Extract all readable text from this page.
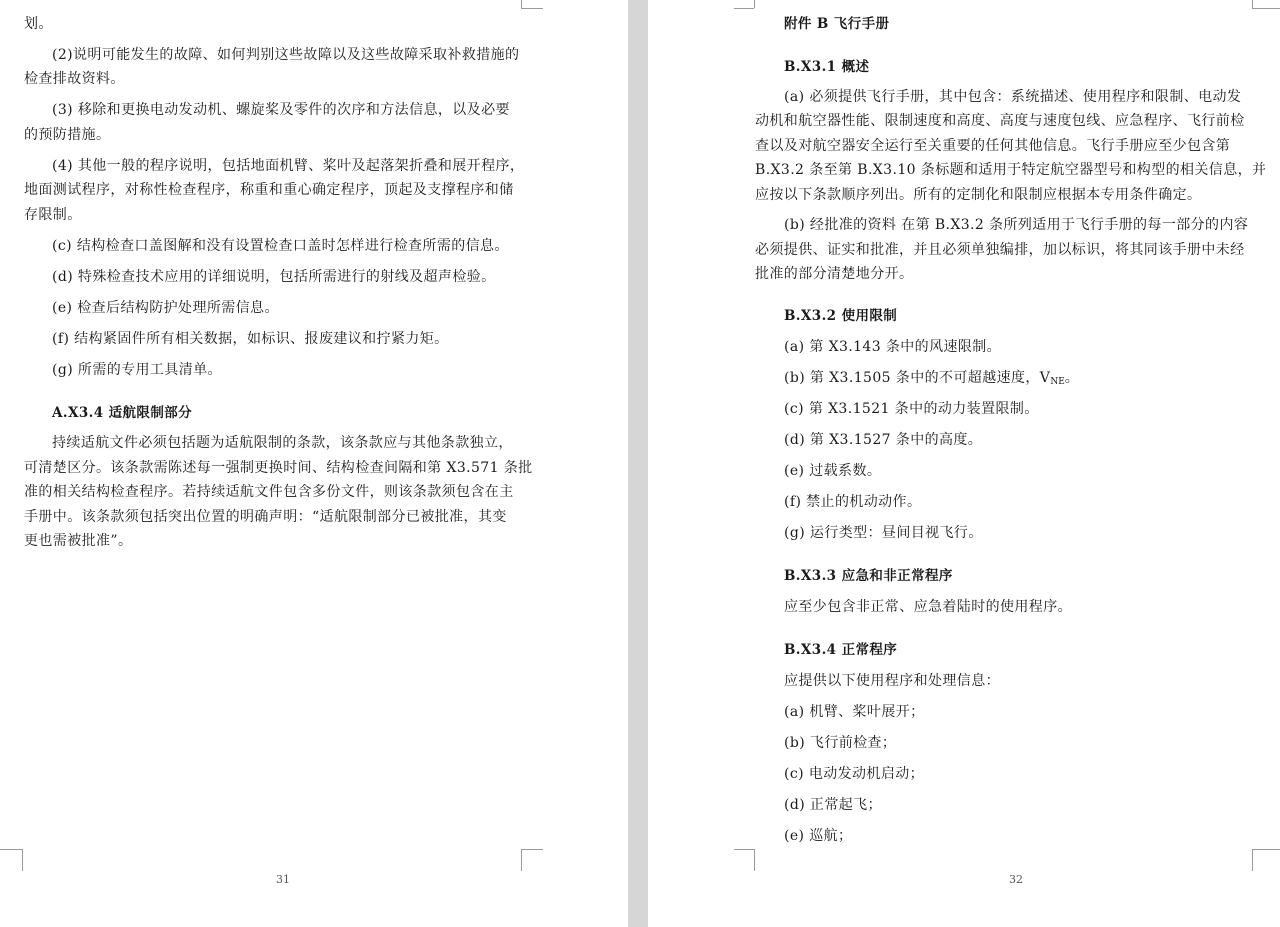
划。
(2)说明可能发生的故障、如何判别这些故障以及这些故障采取补救措施的
检查排故资料。
(3) 移除和更换电动发动机、螺旋桨及零件的次序和方法信息，以及必要
的预防措施。
(4) 其他一般的程序说明，包括地面机臂、桨叶及起落架折叠和展开程序，
地面测试程序，对称性检查程序，称重和重心确定程序，顶起及支撑程序和储
存限制。
(c) 结构检查口盖图解和没有设置检查口盖时怎样进行检查所需的信息。
(d) 特殊检查技术应用的详细说明，包括所需进行的射线及超声检验。
(e) 检查后结构防护处理所需信息。
(f) 结构紧固件所有相关数据，如标识、报废建议和拧紧力矩。
(g) 所需的专用工具清单。
A.X3.4 适航限制部分
持续适航文件必须包括题为适航限制的条款，该条款应与其他条款独立，
可清楚区分。该条款需陈述每一强制更换时间、结构检查间隔和第 X3.571 条批
准的相关结构检查程序。若持续适航文件包含多份文件，则该条款须包含在主
手册中。该条款须包括突出位置的明确声明：“适航限制部分已被批准，其变
更也需被批准”。
31
附件 B 飞行手册
B.X3.1 概述
(a) 必须提供飞行手册，其中包含：系统描述、使用程序和限制、电动发
动机和航空器性能、限制速度和高度、高度与速度包线、应急程序、飞行前检
查以及对航空器安全运行至关重要的任何其他信息。飞行手册应至少包含第
B.X3.2 条至第 B.X3.10 条标题和适用于特定航空器型号和构型的相关信息，并
应按以下条款顺序列出。所有的定制化和限制应根据本专用条件确定。
(b) 经批准的资料 在第 B.X3.2 条所列适用于飞行手册的每一部分的内容
必须提供、证实和批准，并且必须单独编排，加以标识，将其同该手册中未经
批准的部分清楚地分开。
B.X3.2 使用限制
(a) 第 X3.143 条中的风速限制。
(b) 第 X3.1505 条中的不可超越速度，VNE。
(c) 第 X3.1521 条中的动力装置限制。
(d) 第 X3.1527 条中的高度。
(e) 过载系数。
(f) 禁止的机动动作。
(g) 运行类型：昼间目视飞行。
B.X3.3 应急和非正常程序
应至少包含非正常、应急着陆时的使用程序。
B.X3.4 正常程序
应提供以下使用程序和处理信息：
(a) 机臂、桨叶展开；
(b) 飞行前检查；
(c) 电动发动机启动；
(d) 正常起飞；
(e) 巡航；
32
